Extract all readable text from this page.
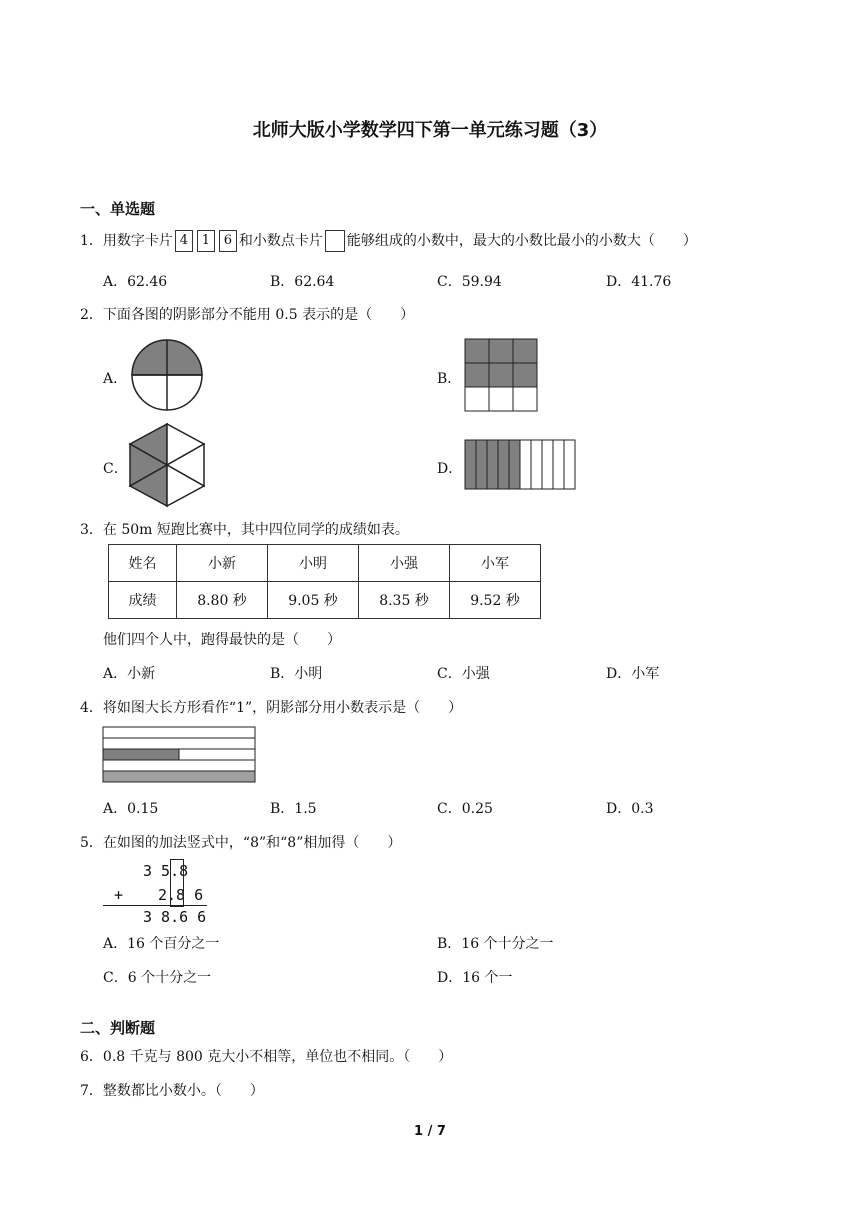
北师大版小学数学四下第一单元练习题（3）
一、单选题
1．用数字卡片 4 1 6 和小数点卡片 能够组成的小数中，最大的小数比最小的小数大（　　）
A．62.46	B．62.64	C．59.94	D．41.76
2．下面各图的阴影部分不能用 0.5 表示的是（　　）
A．	B．
C．	D．
3．在 50m 短跑比赛中，其中四位同学的成绩如表。
姓名	小新	小明	小强	小军
成绩	8.80 秒	9.05 秒	8.35 秒	9.52 秒
他们四个人中，跑得最快的是（　　）
A．小新	B．小明	C．小强	D．小军
4．将如图大长方形看作“1”，阴影部分用小数表示是（　　）
A．0.15	B．1.5	C．0.25	D．0.3
5．在如图的加法竖式中，“8”和“8”相加得（　　）
3 5.8
+ 2.8 6
3 8.6 6
A．16 个百分之一	B．16 个十分之一
C．6 个十分之一	D．16 个一
二、判断题
6．0.8 千克与 800 克大小不相等，单位也不相同。（　　）
7．整数都比小数小。（　　）
1 / 7
